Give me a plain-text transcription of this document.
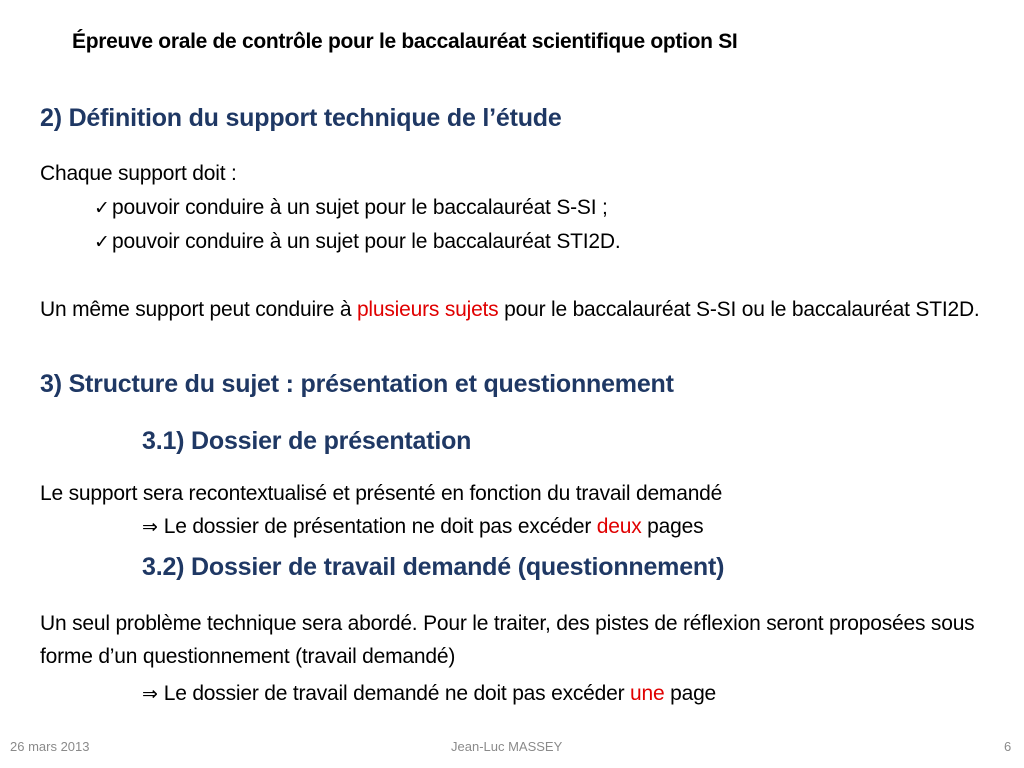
Épreuve orale de contrôle pour le baccalauréat scientifique option SI
2) Définition du support technique de l’étude
Chaque support doit :
✓ pouvoir conduire à un sujet pour le baccalauréat S-SI ;
✓ pouvoir conduire à un sujet pour le baccalauréat STI2D.
Un même support peut conduire à plusieurs sujets pour le baccalauréat S-SI ou le baccalauréat STI2D.
3) Structure du sujet : présentation et questionnement
3.1) Dossier de présentation
Le support sera recontextualisé et présenté en fonction du travail demandé
⇒ Le dossier de présentation ne doit pas excéder deux pages
3.2) Dossier de travail demandé (questionnement)
Un seul problème technique sera abordé. Pour le traiter, des pistes de réflexion seront proposées sous forme d’un questionnement (travail demandé)
⇒ Le dossier de travail demandé ne doit pas excéder une page
26 mars 2013	Jean-Luc MASSEY	6
